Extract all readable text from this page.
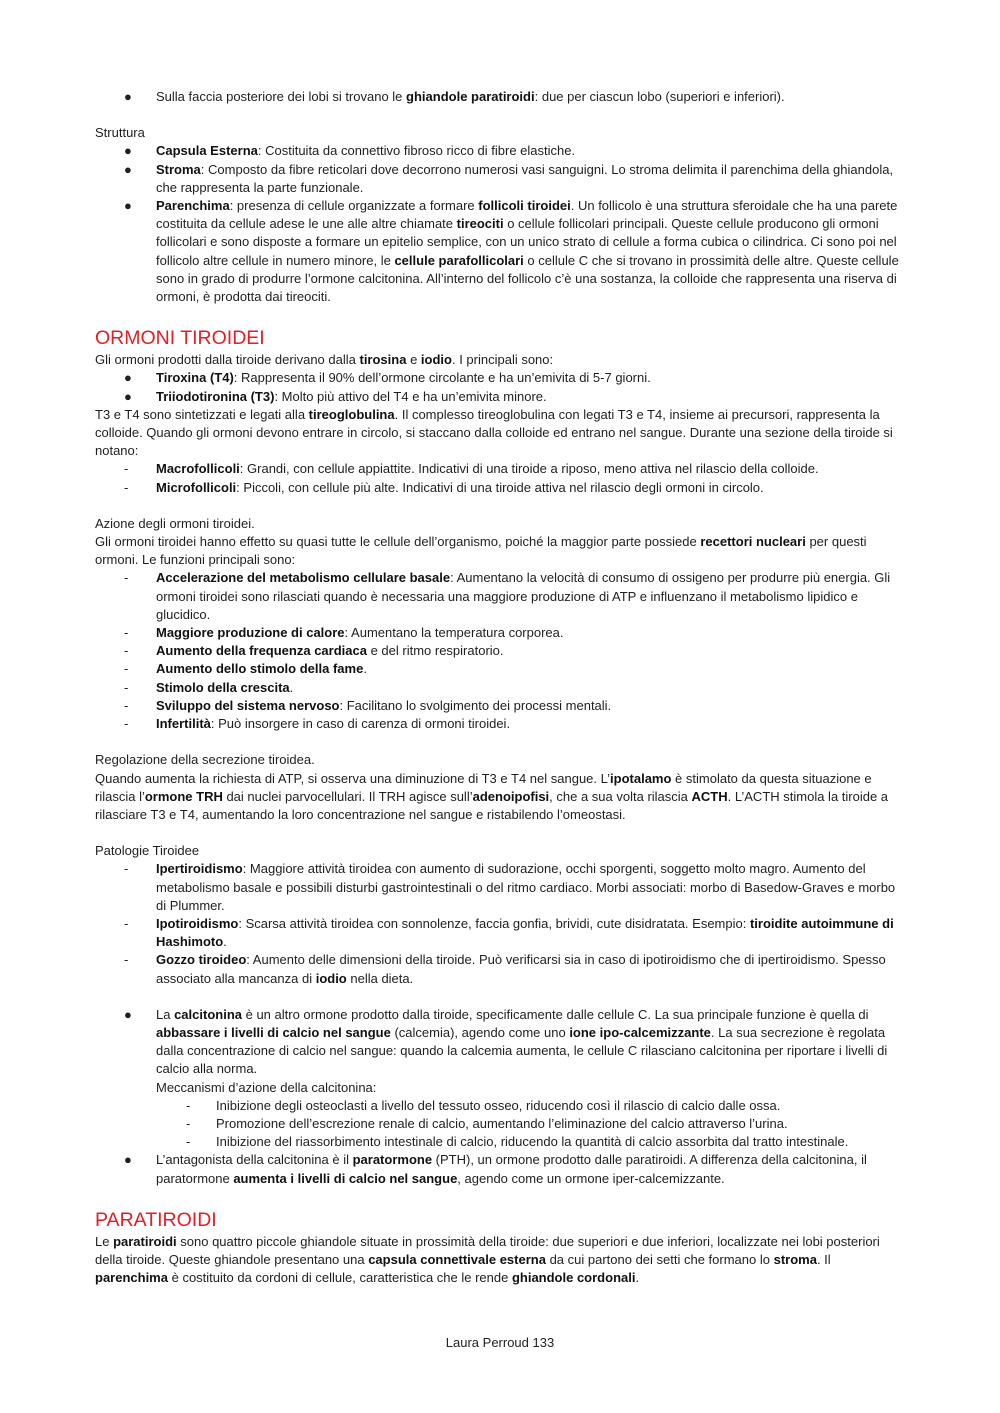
●	Sulla faccia posteriore dei lobi si trovano le ghiandole paratiroidi: due per ciascun lobo (superiori e inferiori).
Struttura
●	Capsula Esterna: Costituita da connettivo fibroso ricco di fibre elastiche.
●	Stroma: Composto da fibre reticolari dove decorrono numerosi vasi sanguigni. Lo stroma delimita il parenchima della ghiandola, che rappresenta la parte funzionale.
●	Parenchima: presenza di cellule organizzate a formare follicoli tiroidei. Un follicolo è una struttura sferoidale che ha una parete costituita da cellule adese le une alle altre chiamate tireociti o cellule follicolari principali. Queste cellule producono gli ormoni follicolari e sono disposte a formare un epitelio semplice, con un unico strato di cellule a forma cubica o cilindrica. Ci sono poi nel follicolo altre cellule in numero minore, le cellule parafollicolari o cellule C che si trovano in prossimità delle altre. Queste cellule sono in grado di produrre l’ormone calcitonina. All’interno del follicolo c’è una sostanza, la colloide che rappresenta una riserva di ormoni, è prodotta dai tireociti.
ORMONI TIROIDEI
Gli ormoni prodotti dalla tiroide derivano dalla tirosina e iodio. I principali sono:
●	Tiroxina (T4): Rappresenta il 90% dell’ormone circolante e ha un’emivita di 5-7 giorni.
●	Triiodotironina (T3): Molto più attivo del T4 e ha un’emivita minore.
T3 e T4 sono sintetizzati e legati alla tireoglobulina. Il complesso tireoglobulina con legati T3 e T4, insieme ai precursori, rappresenta la colloide. Quando gli ormoni devono entrare in circolo, si staccano dalla colloide ed entrano nel sangue. Durante una sezione della tiroide si notano:
-	Macrofollicoli: Grandi, con cellule appiattite. Indicativi di una tiroide a riposo, meno attiva nel rilascio della colloide.
-	Microfollicoli: Piccoli, con cellule più alte. Indicativi di una tiroide attiva nel rilascio degli ormoni in circolo.
Azione degli ormoni tiroidei.
Gli ormoni tiroidei hanno effetto su quasi tutte le cellule dell’organismo, poiché la maggior parte possiede recettori nucleari per questi ormoni. Le funzioni principali sono:
-	Accelerazione del metabolismo cellulare basale: Aumentano la velocità di consumo di ossigeno per produrre più energia. Gli ormoni tiroidei sono rilasciati quando è necessaria una maggiore produzione di ATP e influenzano il metabolismo lipidico e glucidico.
-	Maggiore produzione di calore: Aumentano la temperatura corporea.
-	Aumento della frequenza cardiaca e del ritmo respiratorio.
-	Aumento dello stimolo della fame.
-	Stimolo della crescita.
-	Sviluppo del sistema nervoso: Facilitano lo svolgimento dei processi mentali.
-	Infertilità: Può insorgere in caso di carenza di ormoni tiroidei.
Regolazione della secrezione tiroidea.
Quando aumenta la richiesta di ATP, si osserva una diminuzione di T3 e T4 nel sangue. L’ipotalamo è stimolato da questa situazione e rilascia l’ormone TRH dai nuclei parvocellulari. Il TRH agisce sull’adenoipofisi, che a sua volta rilascia ACTH. L’ACTH stimola la tiroide a rilasciare T3 e T4, aumentando la loro concentrazione nel sangue e ristabilendo l’omeostasi.
Patologie Tiroidee
-	Ipertiroidismo: Maggiore attività tiroidea con aumento di sudorazione, occhi sporgenti, soggetto molto magro. Aumento del metabolismo basale e possibili disturbi gastrointestinali o del ritmo cardiaco. Morbi associati: morbo di Basedow-Graves e morbo di Plummer.
-	Ipotiroidismo: Scarsa attività tiroidea con sonnolenze, faccia gonfia, brividi, cute disidratata. Esempio: tiroidite autoimmune di Hashimoto.
-	Gozzo tiroideo: Aumento delle dimensioni della tiroide. Può verificarsi sia in caso di ipotiroidismo che di ipertiroidismo. Spesso associato alla mancanza di iodio nella dieta.
●	La calcitonina è un altro ormone prodotto dalla tiroide, specificamente dalle cellule C. La sua principale funzione è quella di abbassare i livelli di calcio nel sangue (calcemia), agendo come uno ione ipo-calcemizzante. La sua secrezione è regolata dalla concentrazione di calcio nel sangue: quando la calcemia aumenta, le cellule C rilasciano calcitonina per riportare i livelli di calcio alla norma.
Meccanismi d’azione della calcitonina:
-	Inibizione degli osteoclasti a livello del tessuto osseo, riducendo così il rilascio di calcio dalle ossa.
-	Promozione dell’escrezione renale di calcio, aumentando l’eliminazione del calcio attraverso l’urina.
-	Inibizione del riassorbimento intestinale di calcio, riducendo la quantità di calcio assorbita dal tratto intestinale.
●	L’antagonista della calcitonina è il paratormone (PTH), un ormone prodotto dalle paratiroidi. A differenza della calcitonina, il paratormone aumenta i livelli di calcio nel sangue, agendo come un ormone iper-calcemizzante.
PARATIROIDI
Le paratiroidi sono quattro piccole ghiandole situate in prossimità della tiroide: due superiori e due inferiori, localizzate nei lobi posteriori della tiroide. Queste ghiandole presentano una capsula connettivale esterna da cui partono dei setti che formano lo stroma. Il parenchima è costituito da cordoni di cellule, caratteristica che le rende ghiandole cordonali.
Laura Perroud 133
